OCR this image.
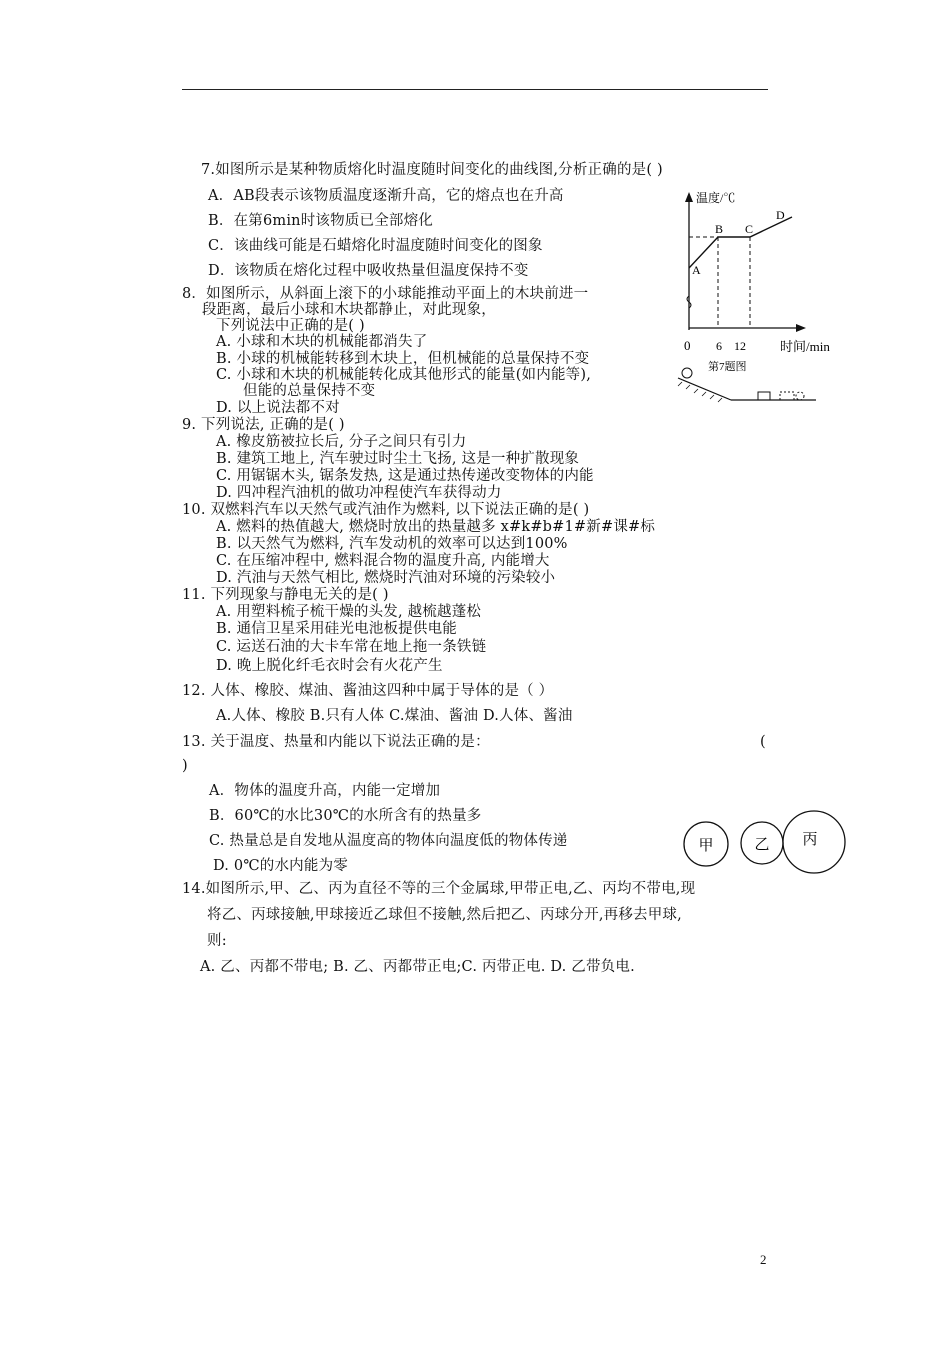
7.如图所示是某种物质熔化时温度随时间变化的曲线图,分析正确的是( )
A．AB段表示该物质温度逐渐升高，它的熔点也在升高
B．在第6min时该物质已全部熔化
C．该曲线可能是石蜡熔化时温度随时间变化的图象
D．该物质在熔化过程中吸收热量但温度保持不变
8．如图所示，从斜面上滚下的小球能推动平面上的木块前进一
段距离，最后小球和木块都静止，对此现象，
下列说法中正确的是( )
A. 小球和木块的机械能都消失了
B. 小球的机械能转移到木块上，但机械能的总量保持不变
C. 小球和木块的机械能转化成其他形式的能量(如内能等),
但能的总量保持不变
D. 以上说法都不对
9. 下列说法, 正确的是( )
A. 橡皮筋被拉长后, 分子之间只有引力
B. 建筑工地上, 汽车驶过时尘土飞扬, 这是一种扩散现象
C. 用锯锯木头, 锯条发热, 这是通过热传递改变物体的内能
D. 四冲程汽油机的做功冲程使汽车获得动力
10. 双燃料汽车以天然气或汽油作为燃料, 以下说法正确的是( )
A. 燃料的热值越大, 燃烧时放出的热量越多 x#k#b#1#新#课#标
B. 以天然气为燃料, 汽车发动机的效率可以达到100%
C. 在压缩冲程中, 燃料混合物的温度升高, 内能增大
D. 汽油与天然气相比, 燃烧时汽油对环境的污染较小
11. 下列现象与静电无关的是( )
A. 用塑料梳子梳干燥的头发, 越梳越蓬松
B. 通信卫星采用硅光电池板提供电能
C. 运送石油的大卡车常在地上拖一条铁链
D. 晚上脱化纤毛衣时会有火花产生
12. 人体、橡胶、煤油、酱油这四种中属于导体的是（ ）
A.人体、橡胶 B.只有人体 C.煤油、酱油 D.人体、酱油
13. 关于温度、热量和内能以下说法正确的是：	(
)
A．物体的温度升高，内能一定增加
B．60℃的水比30℃的水所含有的热量多
C. 热量总是自发地从温度高的物体向温度低的物体传递
D. 0℃的水内能为零
14.如图所示,甲、乙、丙为直径不等的三个金属球,甲带正电,乙、丙均不带电,现
将乙、丙球接触,甲球接近乙球但不接触,然后把乙、丙球分开,再移去甲球,
则:
A. 乙、丙都不带电; B. 乙、丙都带正电;C. 丙带正电. D. 乙带负电.
温度/℃
A
B C
D
0 6 12	时间/min
第7题图
甲	乙 丙
2
